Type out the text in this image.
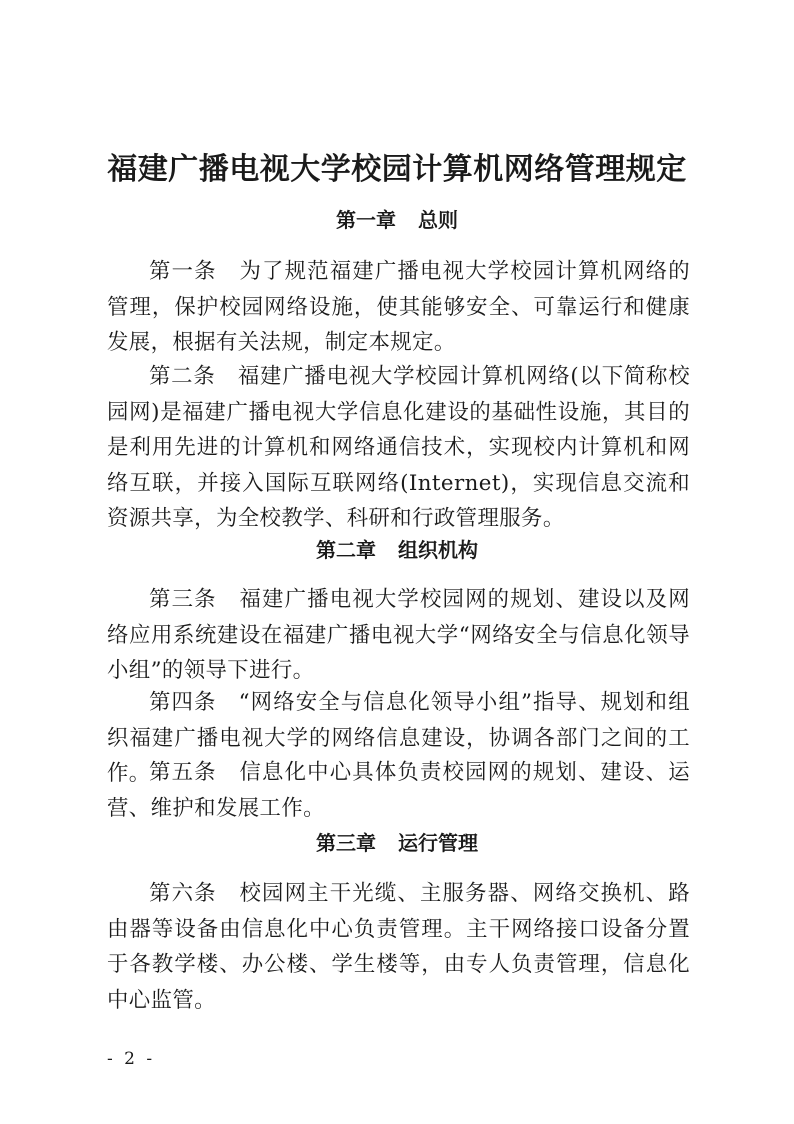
福建广播电视大学校园计算机网络管理规定
第一章 总则
第一条 为了规范福建广播电视大学校园计算机网络的管理，保护校园网络设施，使其能够安全、可靠运行和健康发展，根据有关法规，制定本规定。
第二条 福建广播电视大学校园计算机网络(以下简称校园网)是福建广播电视大学信息化建设的基础性设施，其目的是利用先进的计算机和网络通信技术，实现校内计算机和网络互联，并接入国际互联网络(Internet)，实现信息交流和资源共享，为全校教学、科研和行政管理服务。
第二章 组织机构
第三条 福建广播电视大学校园网的规划、建设以及网络应用系统建设在福建广播电视大学“网络安全与信息化领导小组”的领导下进行。
第四条 “网络安全与信息化领导小组”指导、规划和组织福建广播电视大学的网络信息建设，协调各部门之间的工作。
第五条 信息化中心具体负责校园网的规划、建设、运营、维护和发展工作。
第三章 运行管理
第六条 校园网主干光缆、主服务器、网络交换机、路由器等设备由信息化中心负责管理。主干网络接口设备分置于各教学楼、办公楼、学生楼等，由专人负责管理，信息化中心监管。
- 2 -
